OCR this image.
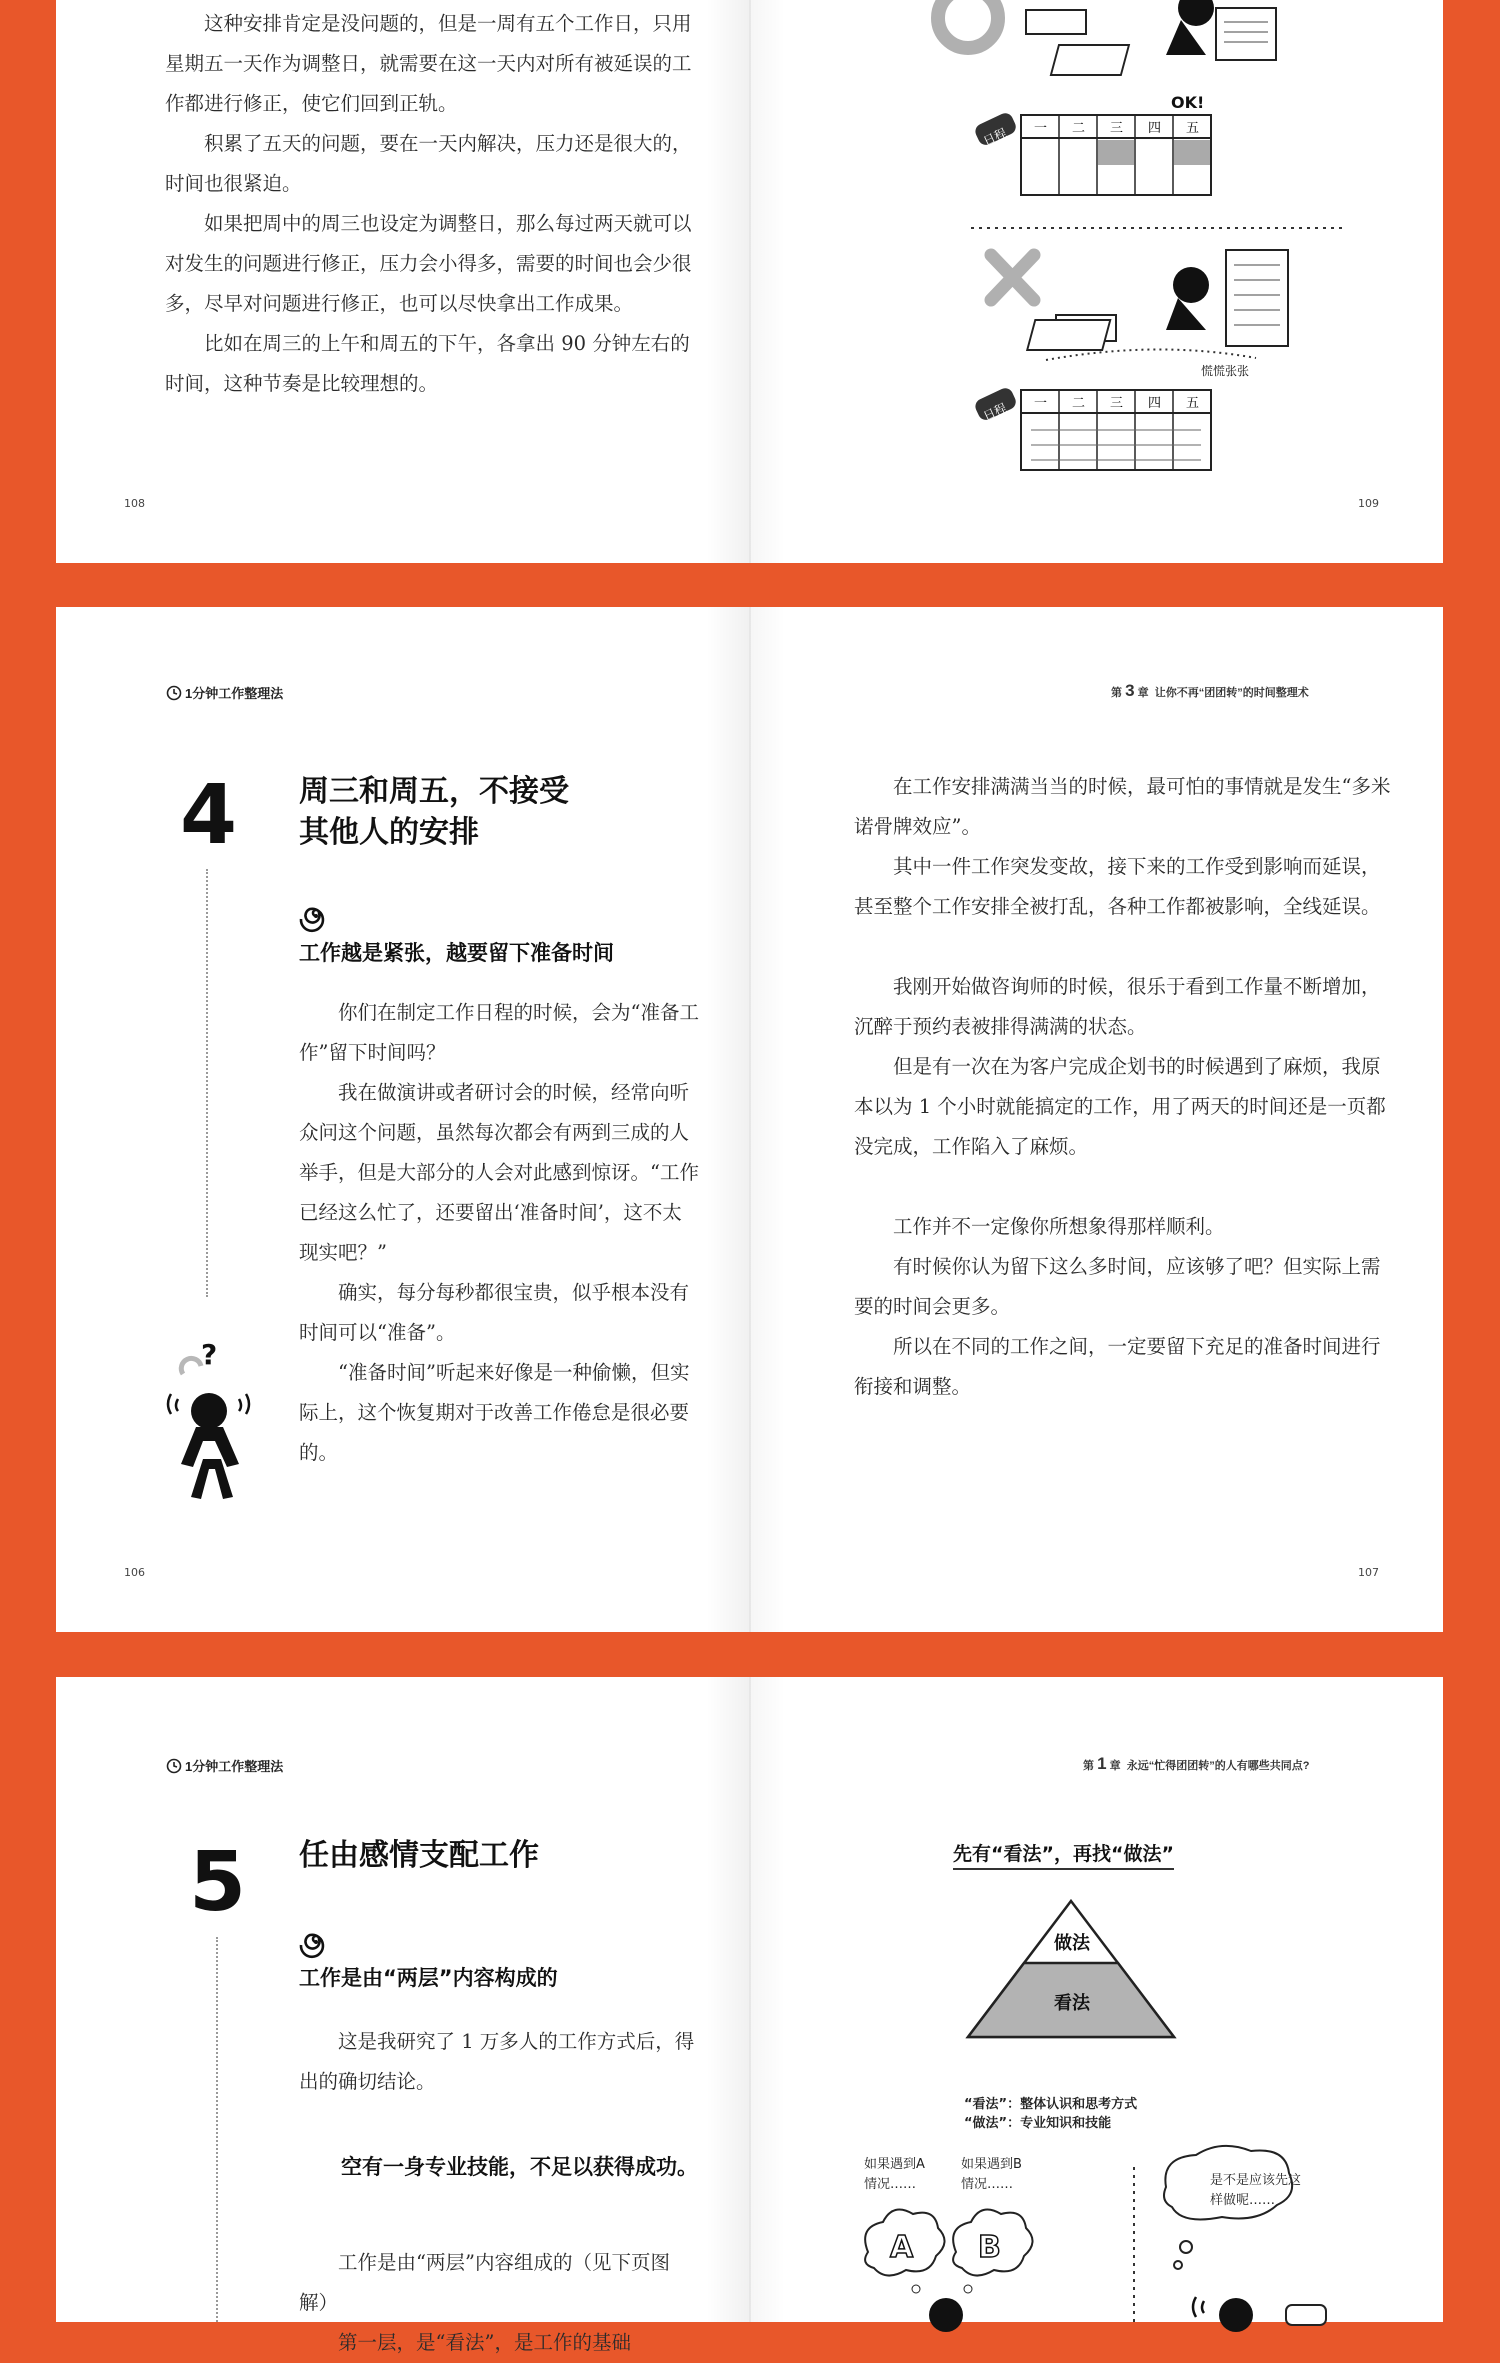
这种安排肯定是没问题的，但是一周有五个工作日，只用星期五一天作为调整日，就需要在这一天内对所有被延误的工作都进行修正，使它们回到正轨。

积累了五天的问题，要在一天内解决，压力还是很大的，时间也很紧迫。

如果把周中的周三也设定为调整日，那么每过两天就可以对发生的问题进行修正，压力会小得多，需要的时间也会少很多，尽早对问题进行修正，也可以尽快拿出工作成果。

比如在周三的上午和周五的下午，各拿出 90 分钟左右的时间，这种节奏是比较理想的。

108	109
OK!
日程 一 二 三 四 五
慌慌张张
日程 一 二 三 四 五
1分钟工作整理法	第 3 章 让你不再“团团转”的时间整理术
4 周三和周五，不接受
其他人的安排
工作越是紧张，越要留下准备时间

你们在制定工作日程的时候，会为“准备工作”留下时间吗？

我在做演讲或者研讨会的时候，经常向听众问这个问题，虽然每次都会有两到三成的人举手，但是大部分的人会对此感到惊讶。“工作已经这么忙了，还要留出‘准备时间’，这不太现实吧？”

确实，每分每秒都很宝贵，似乎根本没有时间可以“准备”。

“准备时间”听起来好像是一种偷懒，但实际上，这个恢复期对于改善工作倦怠是很必要的。

?

在工作安排满满当当的时候，最可怕的事情就是发生“多米诺骨牌效应”。

其中一件工作突发变故，接下来的工作受到影响而延误，甚至整个工作安排全被打乱，各种工作都被影响，全线延误。

我刚开始做咨询师的时候，很乐于看到工作量不断增加，沉醉于预约表被排得满满的状态。

但是有一次在为客户完成企划书的时候遇到了麻烦，我原本以为 1 个小时就能搞定的工作，用了两天的时间还是一页都没完成，工作陷入了麻烦。

工作并不一定像你所想象得那样顺利。

有时候你认为留下这么多时间，应该够了吧？但实际上需要的时间会更多。

所以在不同的工作之间，一定要留下充足的准备时间进行衔接和调整。

106	107
1分钟工作整理法	第 1 章 永远“忙得团团转”的人有哪些共同点?
5 任由感情支配工作
工作是由“两层”内容构成的

这是我研究了 1 万多人的工作方式后，得出的确切结论。

空有一身专业技能，不足以获得成功。

工作是由“两层”内容组成的（见下页图解）

第一层，是“看法”，是工作的基础

先有“看法”，再找“做法”
做法
看法
“看法”：整体认识和思考方式
“做法”：专业知识和技能
如果遇到A
情况……
如果遇到B
情况……
A B
是不是应该先这
样做呢……
